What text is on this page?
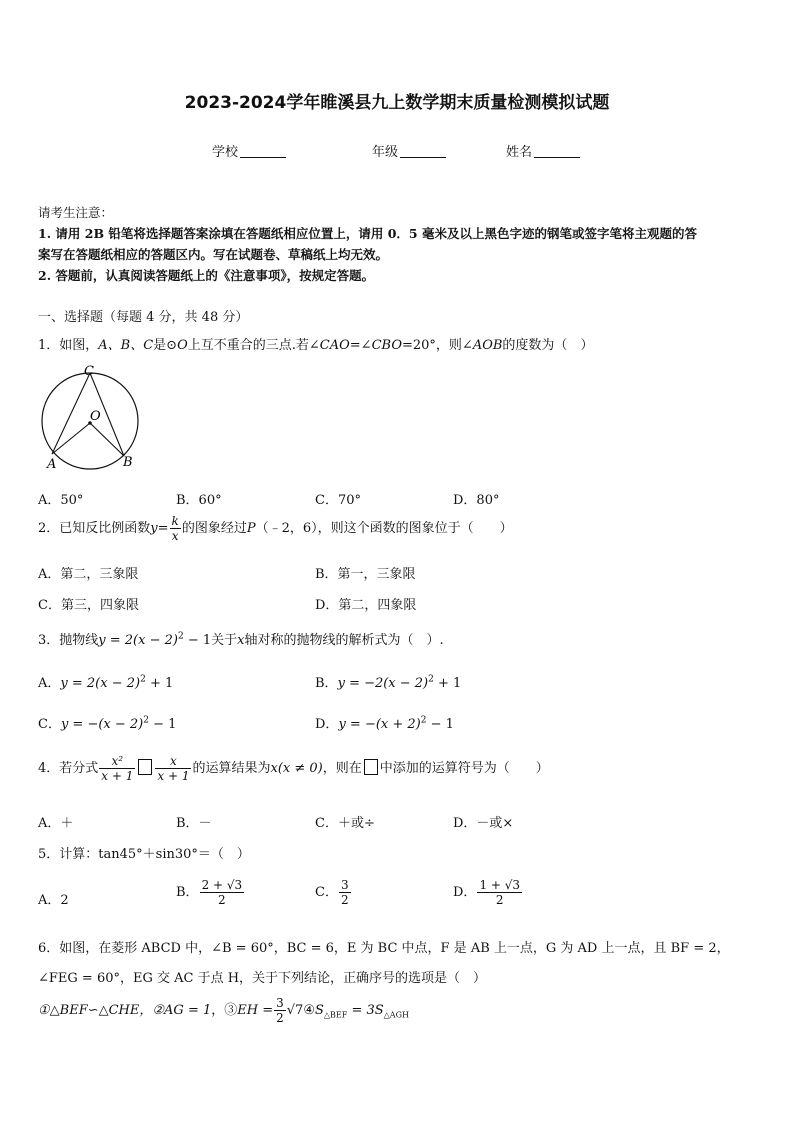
2023-2024学年睢溪县九上数学期末质量检测模拟试题
学校	年级	姓名
请考生注意：
1. 请用 2B 铅笔将选择题答案涂填在答题纸相应位置上，请用 0．5 毫米及以上黑色字迹的钢笔或签字笔将主观题的答
案写在答题纸相应的答题区内。写在试题卷、草稿纸上均无效。
2. 答题前，认真阅读答题纸上的《注意事项》，按规定答题。
一、选择题（每题 4 分，共 48 分）
1．如图，A、B、C是⊙O上互不重合的三点.若∠CAO=∠CBO=20°，则∠AOB的度数为（　）
C
O
A	B
A．50°	B．60°	C．70°	D．80°
2．已知反比例函数$y= \frac{k}{x}$ 的图象经过P（﹣2，6），则这个函数的图象位于（　　）
A．第二，三象限	B．第一，三象限
C．第三，四象限	D．第二，四象限
3．抛物线$y = 2(x - 2)^2 - 1$关于x轴对称的抛物线的解析式为（　）.
A．$y = 2(x - 2)^2 + 1$	B．$y = -2(x - 2)^2 + 1$
C．$y = -(x - 2)^2 - 1$	D．$y = -(x + 2)^2 - 1$
4．若分式 $\frac{\text{x²}}{x + 1} \frac{x}{x + 1}$ 的运算结果为x(x ≠ 0)，则在 中添加的运算符号为（　　）
A．＋	B．－	C．＋或÷	D．－或×
5．计算：tan45°＋sin30°＝（　）
A．2
B． $\frac{2 + √3}{2}$	C． $\frac{3}{2}$	D． $\frac{1 + √3}{2}$
6．如图，在菱形 ABCD 中，∠B = 60°，BC = 6，E 为 BC 中点，F 是 AB 上一点，G 为 AD 上一点，且 BF = 2，
∠FEG = 60°，EG 交 AC 于点 H，关于下列结论，正确序号的选项是（　）
①△BEF∽△CHE，②AG = 1，③EH = $\frac{3}{2}$ $√7④S_{\triangle BEF} = 3S_{\triangle AGH}$
